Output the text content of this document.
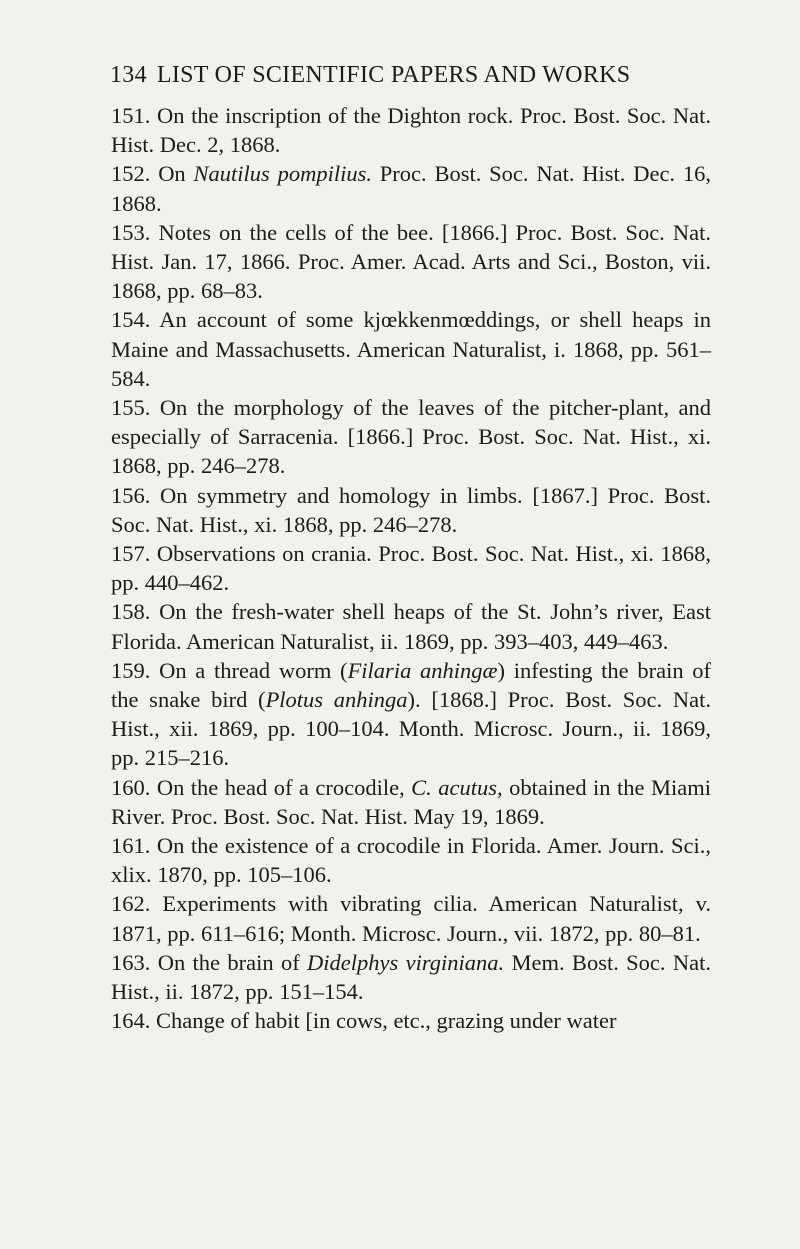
134 LIST OF SCIENTIFIC PAPERS AND WORKS

151. On the inscription of the Dighton rock. Proc. Bost. Soc. Nat. Hist. Dec. 2, 1868.

152. On Nautilus pompilius. Proc. Bost. Soc. Nat. Hist. Dec. 16, 1868.

153. Notes on the cells of the bee. [1866.] Proc. Bost. Soc. Nat. Hist. Jan. 17, 1866. Proc. Amer. Acad. Arts and Sci., Boston, vii. 1868, pp. 68–83.

154. An account of some kjœkkenmœddings, or shell heaps in Maine and Massachusetts. American Naturalist, i. 1868, pp. 561–584.

155. On the morphology of the leaves of the pitcher-plant, and especially of Sarracenia. [1866.] Proc. Bost. Soc. Nat. Hist., xi. 1868, pp. 246–278.

156. On symmetry and homology in limbs. [1867.] Proc. Bost. Soc. Nat. Hist., xi. 1868, pp. 246–278.

157. Observations on crania. Proc. Bost. Soc. Nat. Hist., xi. 1868, pp. 440–462.

158. On the fresh-water shell heaps of the St. John’s river, East Florida. American Naturalist, ii. 1869, pp. 393–403, 449–463.

159. On a thread worm (Filaria anhingæ) infesting the brain of the snake bird (Plotus anhinga). [1868.] Proc. Bost. Soc. Nat. Hist., xii. 1869, pp. 100–104. Month. Microsc. Journ., ii. 1869, pp. 215–216.

160. On the head of a crocodile, C. acutus, obtained in the Miami River. Proc. Bost. Soc. Nat. Hist. May 19, 1869.

161. On the existence of a crocodile in Florida. Amer. Journ. Sci., xlix. 1870, pp. 105–106.

162. Experiments with vibrating cilia. American Naturalist, v. 1871, pp. 611–616; Month. Microsc. Journ., vii. 1872, pp. 80–81.

163. On the brain of Didelphys virginiana. Mem. Bost. Soc. Nat. Hist., ii. 1872, pp. 151–154.

164. Change of habit [in cows, etc., grazing under water
